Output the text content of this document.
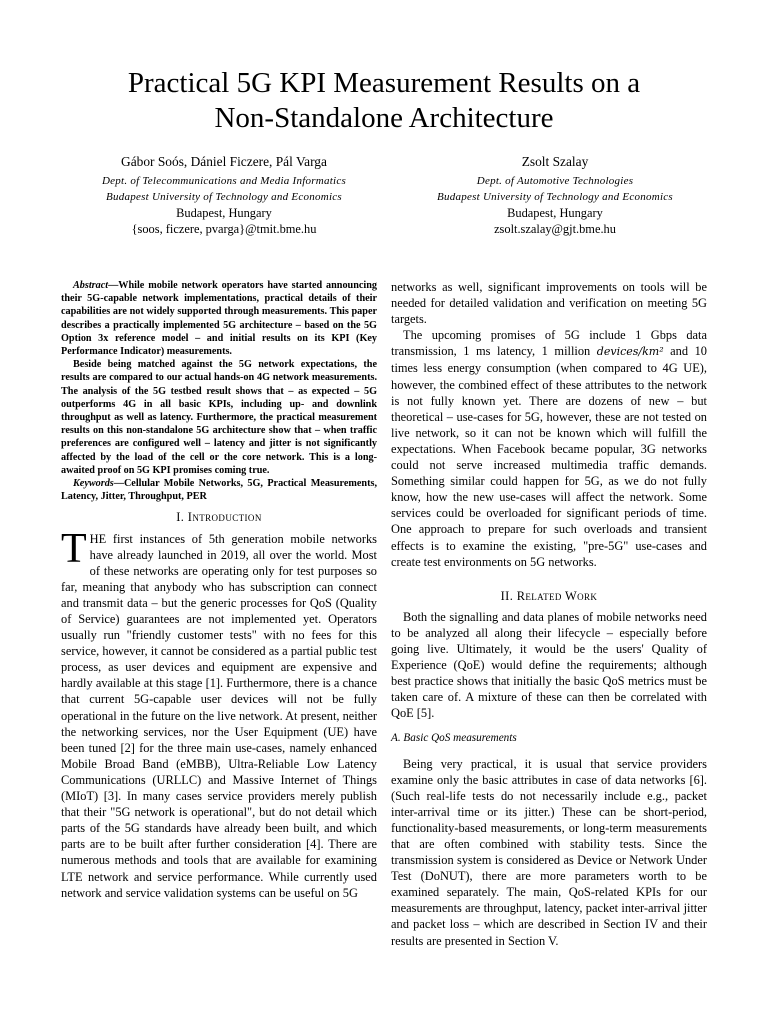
Practical 5G KPI Measurement Results on a
Non-Standalone Architecture
Gábor Soós, Dániel Ficzere, Pál Varga
Dept. of Telecommunications and Media Informatics
Budapest University of Technology and Economics
Budapest, Hungary
{soos, ficzere, pvarga}@tmit.bme.hu
Zsolt Szalay
Dept. of Automotive Technologies
Budapest University of Technology and Economics
Budapest, Hungary
zsolt.szalay@gjt.bme.hu

Abstract—While mobile network operators have started announcing their 5G-capable network implementations, practical details of their capabilities are not widely supported through measurements. This paper describes a practically implemented 5G architecture – based on the 5G Option 3x reference model – and initial results on its KPI (Key Performance Indicator) measurements.

Beside being matched against the 5G network expectations, the results are compared to our actual hands-on 4G network measurements. The analysis of the 5G testbed result shows that – as expected – 5G outperforms 4G in all basic KPIs, including up- and downlink throughput as well as latency. Furthermore, the practical measurement results on this non-standalone 5G architecture show that – when traffic preferences are configured well – latency and jitter is not significantly affected by the load of the cell or the core network. This is a long-awaited proof on 5G KPI promises coming true.

Keywords—Cellular Mobile Networks, 5G, Practical Measurements, Latency, Jitter, Throughput, PER

I. Introduction

THE first instances of 5th generation mobile networks have already launched in 2019, all over the world. Most of these networks are operating only for test purposes so far, meaning that anybody who has subscription can connect and transmit data – but the generic processes for QoS (Quality of Service) guarantees are not implemented yet. Operators usually run "friendly customer tests" with no fees for this service, however, it cannot be considered as a partial public test process, as user devices and equipment are expensive and hardly available at this stage [1]. Furthermore, there is a chance that current 5G-capable user devices will not be fully operational in the future on the live network. At present, neither the networking services, nor the User Equipment (UE) have been tuned [2] for the three main use-cases, namely enhanced Mobile Broad Band (eMBB), Ultra-Reliable Low Latency Communications (URLLC) and Massive Internet of Things (MIoT) [3]. In many cases service providers merely publish that their "5G network is operational", but do not detail which parts of the 5G standards have already been built, and which parts are to be built after further consideration [4]. There are numerous methods and tools that are available for examining LTE network and service performance. While currently used network and service validation systems can be useful on 5G

networks as well, significant improvements on tools will be needed for detailed validation and verification on meeting 5G targets.

The upcoming promises of 5G include 1 Gbps data transmission, 1 ms latency, 1 million devices/km² and 10 times less energy consumption (when compared to 4G UE), however, the combined effect of these attributes to the network is not fully known yet. There are dozens of new – but theoretical – use-cases for 5G, however, these are not tested on live network, so it can not be known which will fulfill the expectations. When Facebook became popular, 3G networks could not serve increased multimedia traffic demands. Something similar could happen for 5G, as we do not fully know, how the new use-cases will affect the network. Some services could be overloaded for significant periods of time. One approach to prepare for such overloads and transient effects is to examine the existing, "pre-5G" use-cases and create test environments on 5G networks.

II. Related Work

Both the signalling and data planes of mobile networks need to be analyzed all along their lifecycle – especially before going live. Ultimately, it would be the users' Quality of Experience (QoE) would define the requirements; although best practice shows that initially the basic QoS metrics must be taken care of. A mixture of these can then be correlated with QoE [5].

A. Basic QoS measurements

Being very practical, it is usual that service providers examine only the basic attributes in case of data networks [6]. (Such real-life tests do not necessarily include e.g., packet inter-arrival time or its jitter.) These can be short-period, functionality-based measurements, or long-term measurements that are often combined with stability tests. Since the transmission system is considered as Device or Network Under Test (DoNUT), there are more parameters worth to be examined separately. The main, QoS-related KPIs for our measurements are throughput, latency, packet inter-arrival jitter and packet loss – which are described in Section IV and their results are presented in Section V.
